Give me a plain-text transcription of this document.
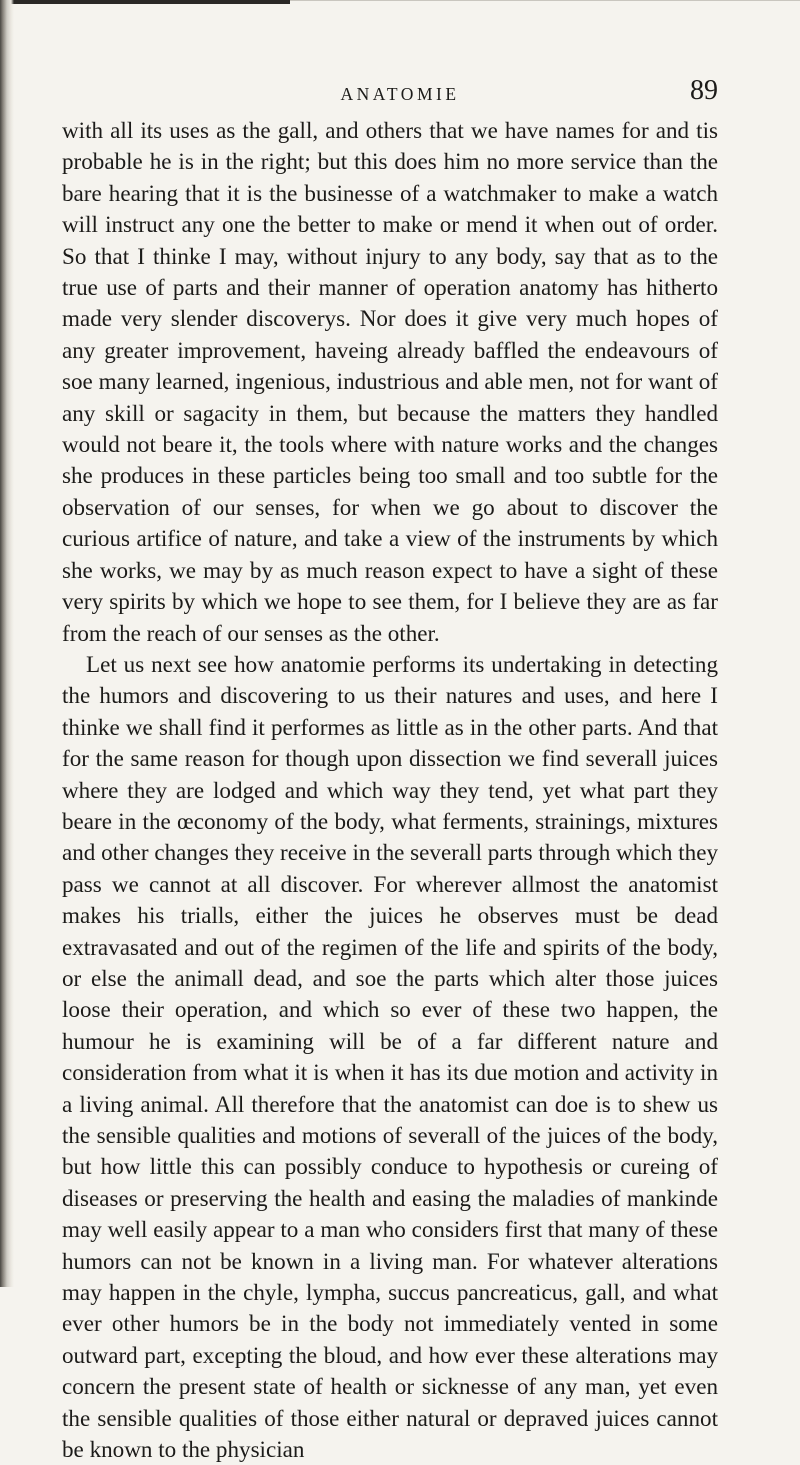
ANATOMIE	89

with all its uses as the gall, and others that we have names for and tis probable he is in the right; but this does him no more service than the bare hearing that it is the businesse of a watchmaker to make a watch will instruct any one the better to make or mend it when out of order. So that I thinke I may, without injury to any body, say that as to the true use of parts and their manner of operation anatomy has hitherto made very slender discoverys. Nor does it give very much hopes of any greater improvement, haveing already baffled the endeavours of soe many learned, ingenious, industrious and able men, not for want of any skill or sagacity in them, but because the matters they handled would not beare it, the tools where with nature works and the changes she produces in these particles being too small and too subtle for the observation of our senses, for when we go about to discover the curious artifice of nature, and take a view of the instruments by which she works, we may by as much reason expect to have a sight of these very spirits by which we hope to see them, for I believe they are as far from the reach of our senses as the other.

Let us next see how anatomie performs its undertaking in detecting the humors and discovering to us their natures and uses, and here I thinke we shall find it performes as little as in the other parts. And that for the same reason for though upon dissection we find severall juices where they are lodged and which way they tend, yet what part they beare in the œconomy of the body, what ferments, strainings, mixtures and other changes they receive in the severall parts through which they pass we cannot at all discover. For wherever allmost the anatomist makes his trialls, either the juices he observes must be dead extravasated and out of the regimen of the life and spirits of the body, or else the animall dead, and soe the parts which alter those juices loose their operation, and which so ever of these two happen, the humour he is examining will be of a far different nature and consideration from what it is when it has its due motion and activity in a living animal. All therefore that the anatomist can doe is to shew us the sensible qualities and motions of severall of the juices of the body, but how little this can possibly conduce to hypothesis or cureing of diseases or preserving the health and easing the maladies of mankinde may well easily appear to a man who considers first that many of these humors can not be known in a living man. For whatever alterations may happen in the chyle, lympha, succus pancreaticus, gall, and what ever other humors be in the body not immediately vented in some outward part, excepting the bloud, and how ever these alterations may concern the present state of health or sicknesse of any man, yet even the sensible qualities of those either natural or depraved juices cannot be known to the physician
